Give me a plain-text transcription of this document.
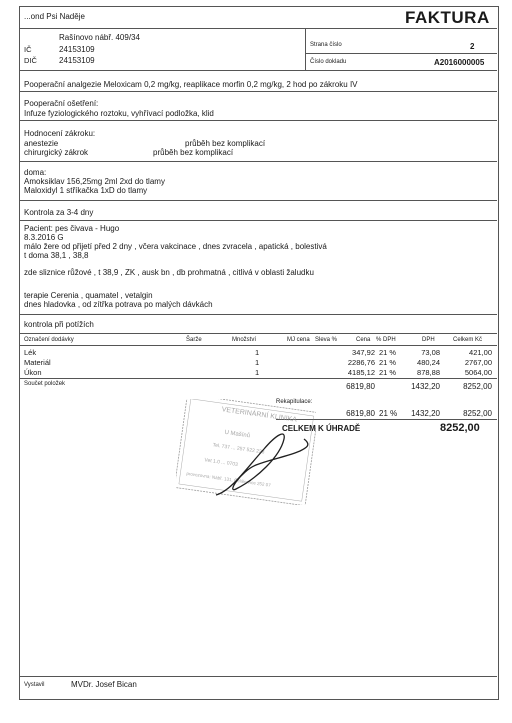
...ond Psi Naděje	FAKTURA
Rašínovo nábř. 409/34
IČ	24153109
DIČ	24153109
Strana číslo	2
Číslo dokladu	A2016000005
Pooperační analgezie Meloxicam 0,2 mg/kg, reaplikace morfin 0,2 mg/kg, 2 hod po zákroku IV
Pooperační ošetření:
Infuze fyziologického roztoku, vyhřívací podložka, klid
Hodnocení zákroku:
anestezie	průběh bez komplikací
chirurgický zákrok	průběh bez komplikací
doma:
Amoksiklav 156,25mg 2ml 2xd do tlamy
Maloxidyl 1 stříkačka 1xD do tlamy
Kontrola za 3-4 dny
Pacient: pes čivava - Hugo
8.3.2016 G
málo žere od přijetí před 2 dny , včera vakcinace , dnes zvracela , apatická , bolestivá
t doma 38,1 , 38,8
zde sliznice růžové , t 38,9 , ZK , ausk bn , db prohmatná , citlivá v oblasti žaludku
terapie Cerenia , quamatel , vetalgin
dnes hladovka , od zítřka potrava po malých dávkách
kontrola při potížích
Označení dodávky	Šarže	Množství	MJ cena Sleva %	Cena % DPH	DPH	Celkem Kč
Lék	1	347,92 21 %	73,08	421,00
Materiál	1	2286,76 21 %	480,24	2767,00
Úkon	1	4185,12 21 %	878,88	5064,00
Součet položek	6819,80	1432,20	8252,00
Rekapitulace:
6819,80 21 %	1432,20	8252,00
CELKEM K ÚHRADĚ	8252,00
VETERINÁRNÍ KLINIKA
U Mašínů
Tel. 737 ... 257 522 228
Vet 1.0 ... 0703
provozovna: Nábř. 131, Čelákovice 252 07
Vystavil	MVDr. Josef Bican
